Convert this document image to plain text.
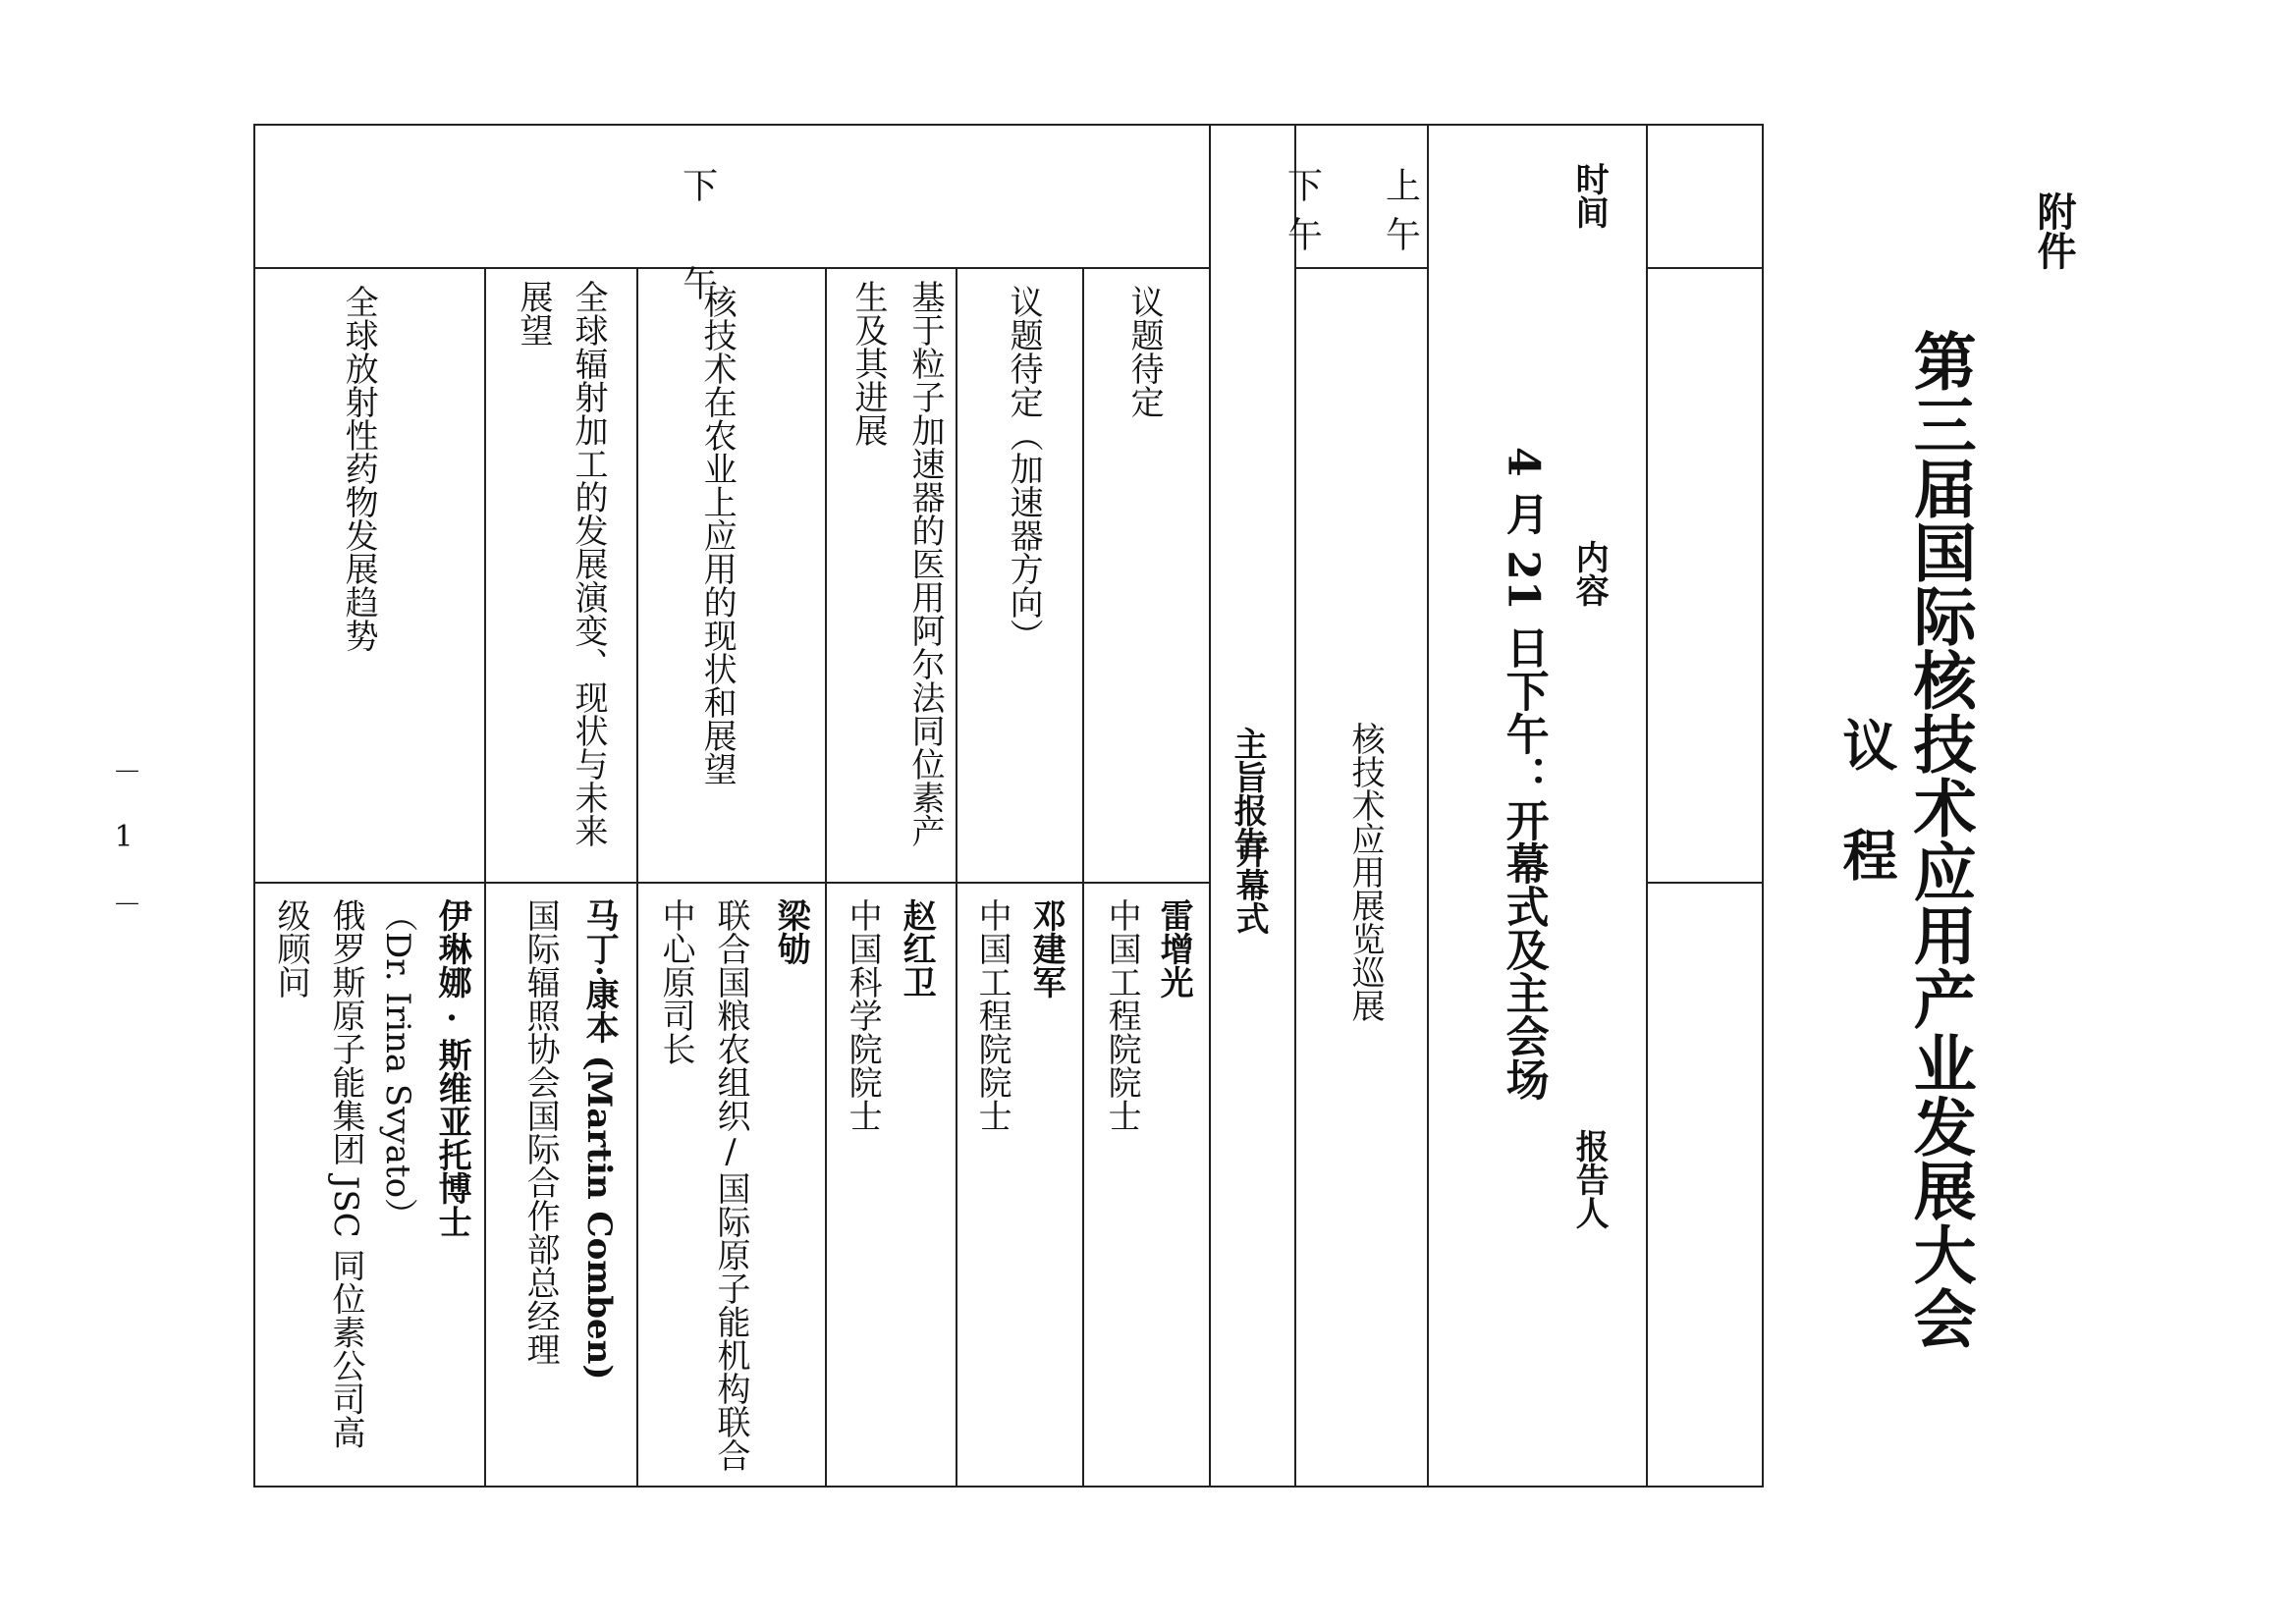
附件
第三届国际核技术应用产业发展大会
议　程
时间
内容
报告人
4 月 21 日下午：开幕式及主会场
上午
核技术应用展览巡展
下午
开幕式
主旨报告
下　午
议题待定
雷增光
中国工程院院士
议题待定（加速器方向）
邓建军
中国工程院院士
基于粒子加速器的医用阿尔法同位素产生及其进展
赵红卫
中国科学院院士
核技术在农业上应用的现状和展望
梁劬
联合国粮农组织/国际原子能机构联合中心原司长
全球辐射加工的发展演变、现状与未来展望
马丁·康本 (Martin Comben)
国际辐照协会国际合作部总经理
全球放射性药物发展趋势
伊琳娜·斯维亚托博士
（Dr. Irina Svyato）
俄罗斯原子能集团 JSC 同位素公司高级顾问
－ 1 －
